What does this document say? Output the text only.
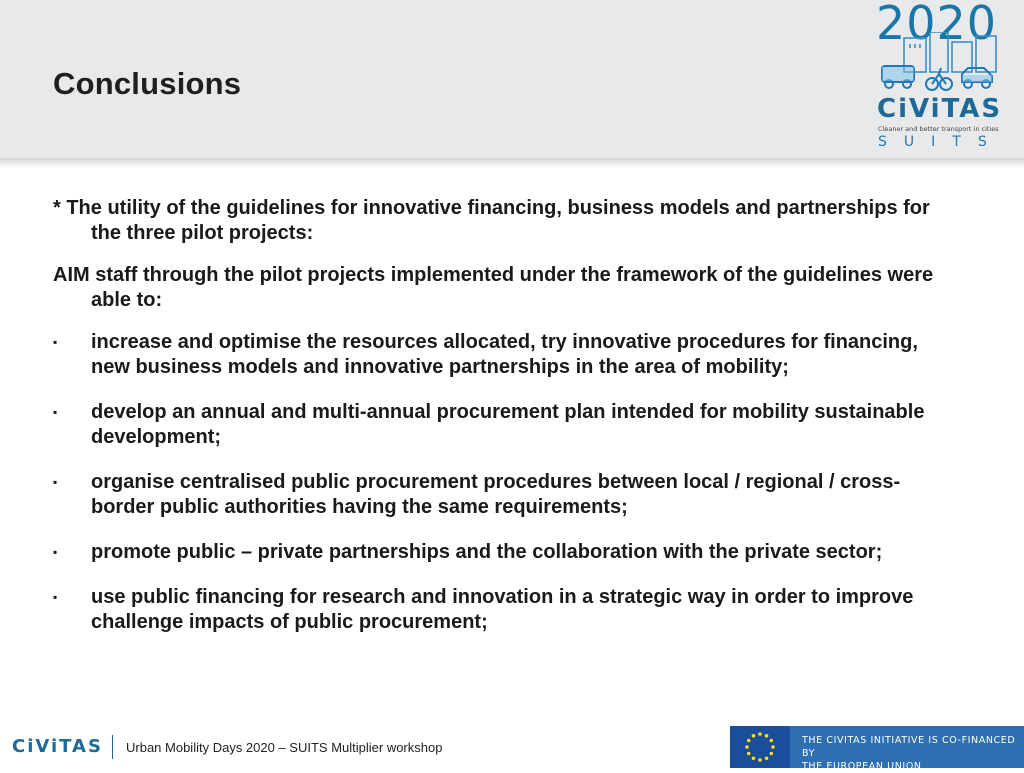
Conclusions
2020
CiViTAS
Cleaner and better transport in cities
SUITS

* The utility of the guidelines for innovative financing, business models and partnerships for the three pilot projects:

AIM staff through the pilot projects implemented under the framework of the guidelines were able to:

▪ increase and optimise the resources allocated, try innovative procedures for financing, new business models and innovative partnerships in the area of mobility;
▪ develop an annual and multi-annual procurement plan intended for mobility sustainable development;
▪ organise centralised public procurement procedures between local / regional / cross-border public authorities having the same requirements;
▪ promote public – private partnerships and the collaboration with the private sector;
▪ use public financing for research and innovation in a strategic way in order to improve challenge impacts of public procurement;
CiViTAS Urban Mobility Days 2020 – SUITS Multiplier workshop	THE CIVITAS INITIATIVE IS CO-FINANCED BY
THE EUROPEAN UNION
